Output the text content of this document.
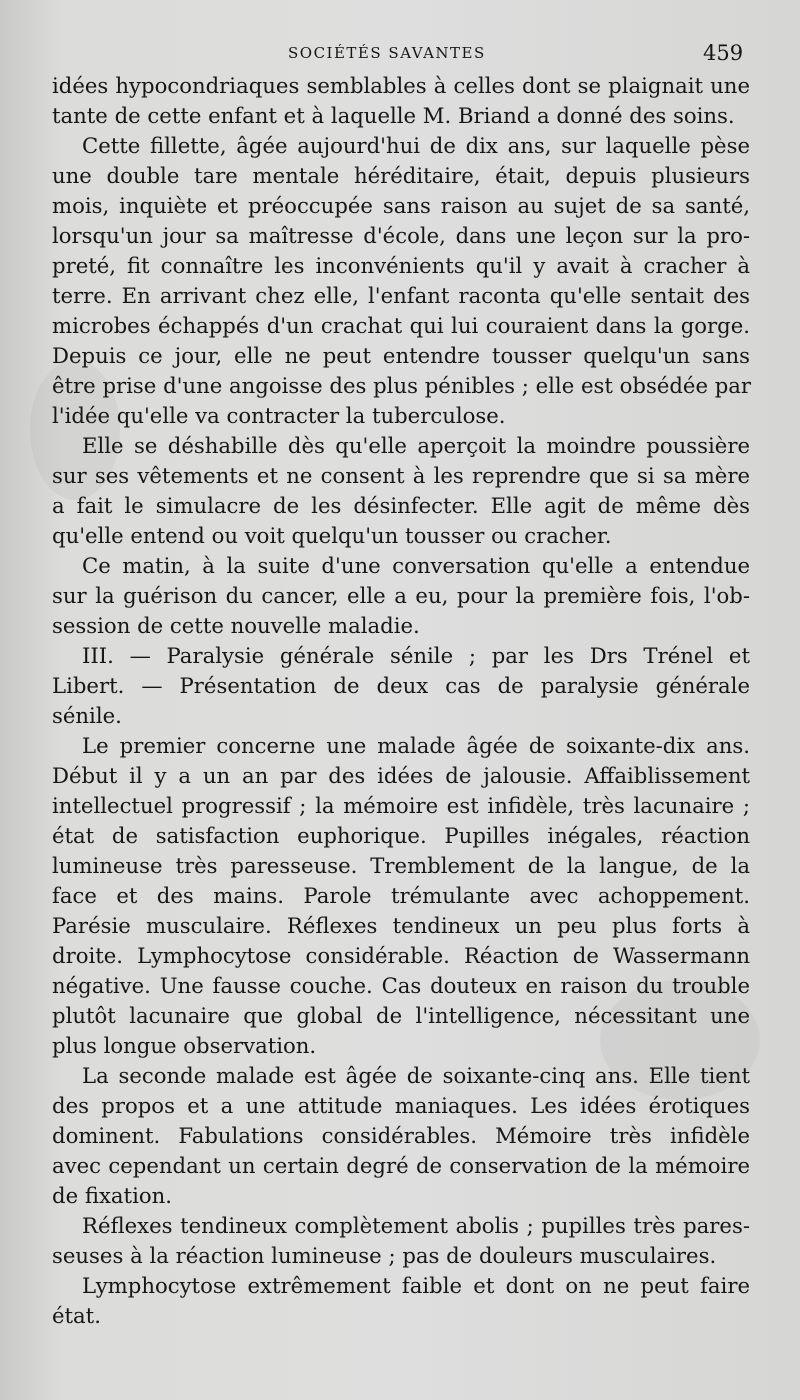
SOCIÉTÉS SAVANTES	459
idées hypocondriaques semblables à celles dont se plaignait une
tante de cette enfant et à laquelle M. Briand a donné des soins.
Cette fillette, âgée aujourd'hui de dix ans, sur laquelle pèse
une double tare mentale héréditaire, était, depuis plusieurs
mois, inquiète et préoccupée sans raison au sujet de sa santé,
lorsqu'un jour sa maîtresse d'école, dans une leçon sur la pro-
preté, fit connaître les inconvénients qu'il y avait à cracher à
terre. En arrivant chez elle, l'enfant raconta qu'elle sentait des
microbes échappés d'un crachat qui lui couraient dans la gorge.
Depuis ce jour, elle ne peut entendre tousser quelqu'un sans
être prise d'une angoisse des plus pénibles ; elle est obsédée par
l'idée qu'elle va contracter la tuberculose.
Elle se déshabille dès qu'elle aperçoit la moindre poussière
sur ses vêtements et ne consent à les reprendre que si sa mère
a fait le simulacre de les désinfecter. Elle agit de même dès
qu'elle entend ou voit quelqu'un tousser ou cracher.
Ce matin, à la suite d'une conversation qu'elle a entendue
sur la guérison du cancer, elle a eu, pour la première fois, l'ob-
session de cette nouvelle maladie.
III. — Paralysie générale sénile ; par les Drs Trénel et
Libert. — Présentation de deux cas de paralysie générale
sénile.
Le premier concerne une malade âgée de soixante-dix ans.
Début il y a un an par des idées de jalousie. Affaiblissement
intellectuel progressif ; la mémoire est infidèle, très lacunaire ;
état de satisfaction euphorique. Pupilles inégales, réaction
lumineuse très paresseuse. Tremblement de la langue, de la
face et des mains. Parole trémulante avec achoppement.
Parésie musculaire. Réflexes tendineux un peu plus forts à
droite. Lymphocytose considérable. Réaction de Wassermann
négative. Une fausse couche. Cas douteux en raison du trouble
plutôt lacunaire que global de l'intelligence, nécessitant une
plus longue observation.
La seconde malade est âgée de soixante-cinq ans. Elle tient
des propos et a une attitude maniaques. Les idées érotiques
dominent. Fabulations considérables. Mémoire très infidèle
avec cependant un certain degré de conservation de la mémoire
de fixation.
Réflexes tendineux complètement abolis ; pupilles très pares-
seuses à la réaction lumineuse ; pas de douleurs musculaires.
Lymphocytose extrêmement faible et dont on ne peut faire
état.
